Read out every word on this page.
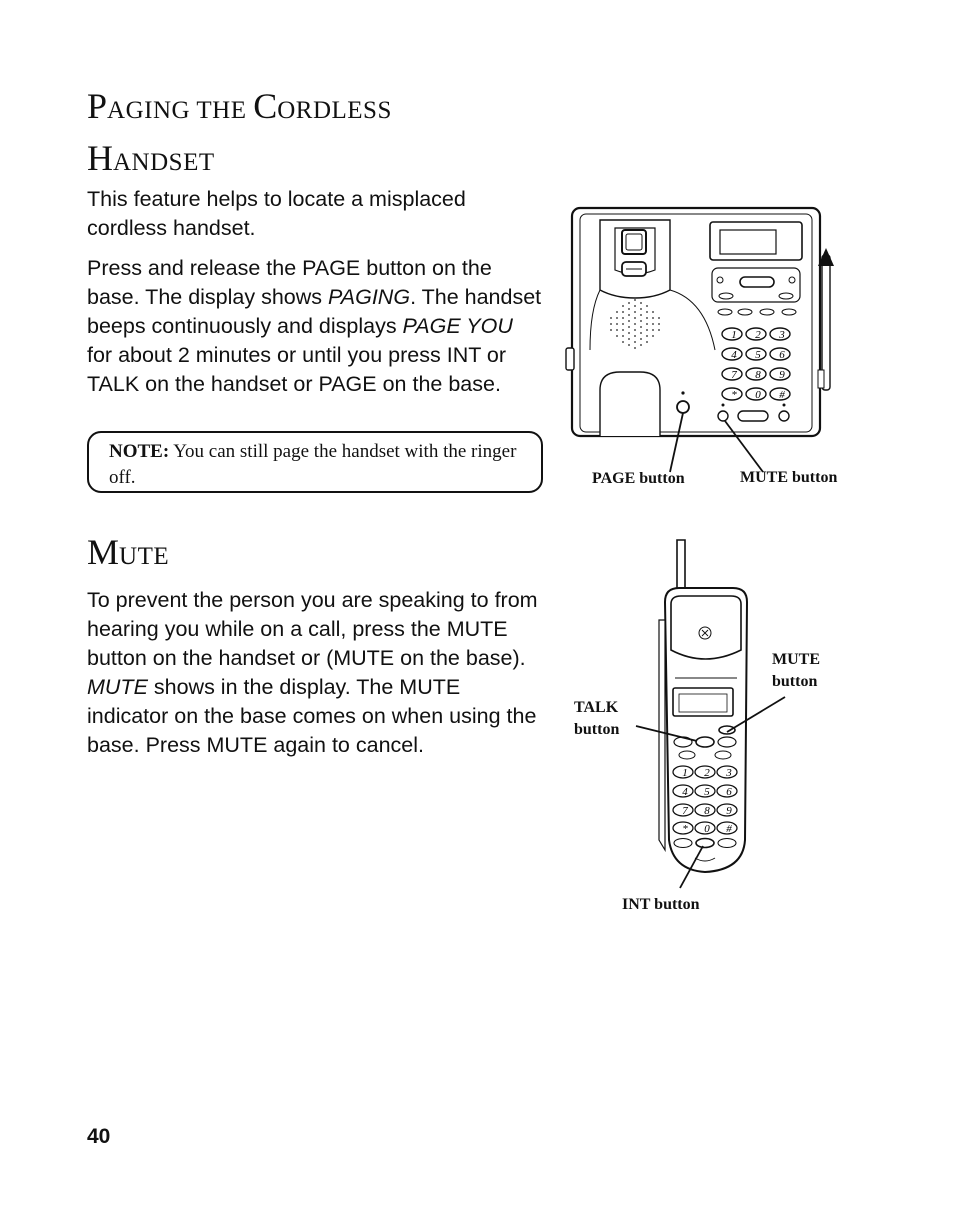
PAGING THE CORDLESS
HANDSET

This feature helps to locate a misplaced cordless handset.

Press and release the PAGE button on the base. The display shows PAGING. The handset beeps continuously and displays PAGE YOU for about 2 minutes or until you press INT or TALK on the handset or PAGE on the base.

NOTE: You can still page the handset with the ringer off.

MUTE

To prevent the person you are speaking to from hearing you while on a call, press the MUTE button on the handset or (MUTE on the base). MUTE shows in the display. The MUTE indicator on the base comes on when using the base. Press MUTE again to cancel.

1 2 3
4 5 6
7 8 9
* 0 #
PAGE button	MUTE button
1 2 3
4 5 6
7 8 9
* 0 #
TALK button
MUTE button
INT button
40
